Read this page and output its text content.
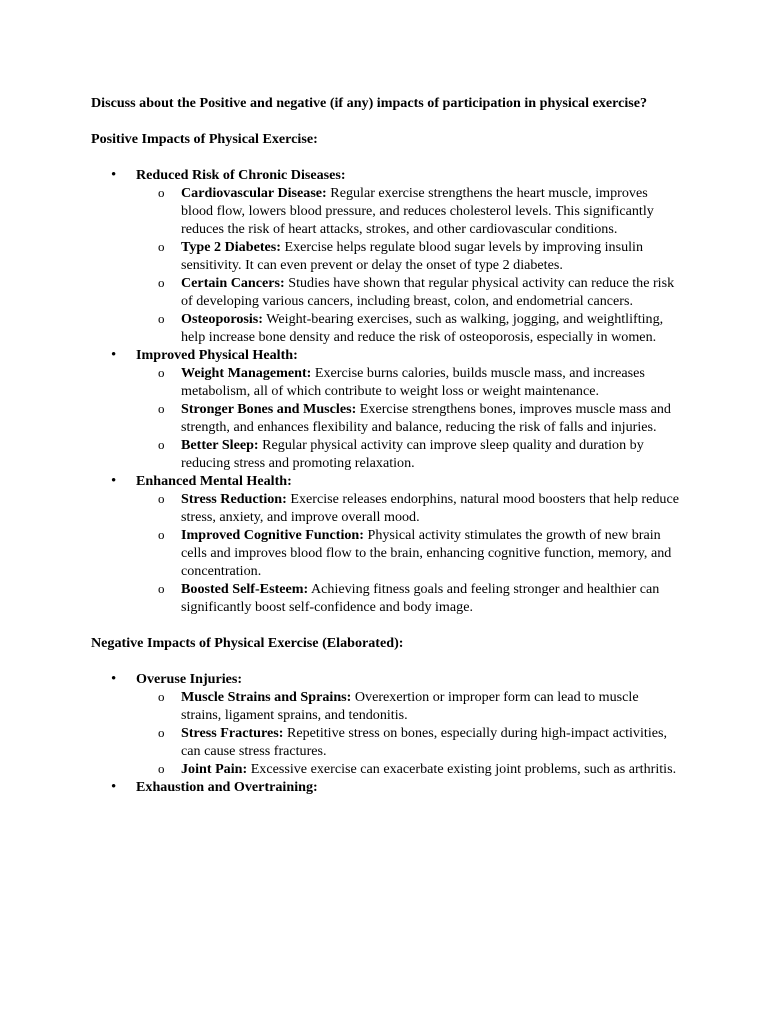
Discuss about the Positive and negative (if any) impacts of participation in physical exercise?
Positive Impacts of Physical Exercise:
• Reduced Risk of Chronic Diseases:
o Cardiovascular Disease: Regular exercise strengthens the heart muscle, improves blood flow, lowers blood pressure, and reduces cholesterol levels. This significantly reduces the risk of heart attacks, strokes, and other cardiovascular conditions.
o Type 2 Diabetes: Exercise helps regulate blood sugar levels by improving insulin sensitivity. It can even prevent or delay the onset of type 2 diabetes.
o Certain Cancers: Studies have shown that regular physical activity can reduce the risk of developing various cancers, including breast, colon, and endometrial cancers.
o Osteoporosis: Weight-bearing exercises, such as walking, jogging, and weightlifting, help increase bone density and reduce the risk of osteoporosis, especially in women.
• Improved Physical Health:
o Weight Management: Exercise burns calories, builds muscle mass, and increases metabolism, all of which contribute to weight loss or weight maintenance.
o Stronger Bones and Muscles: Exercise strengthens bones, improves muscle mass and strength, and enhances flexibility and balance, reducing the risk of falls and injuries.
o Better Sleep: Regular physical activity can improve sleep quality and duration by reducing stress and promoting relaxation.
• Enhanced Mental Health:
o Stress Reduction: Exercise releases endorphins, natural mood boosters that help reduce stress, anxiety, and improve overall mood.
o Improved Cognitive Function: Physical activity stimulates the growth of new brain cells and improves blood flow to the brain, enhancing cognitive function, memory, and concentration.
o Boosted Self-Esteem: Achieving fitness goals and feeling stronger and healthier can significantly boost self-confidence and body image.
Negative Impacts of Physical Exercise (Elaborated):
• Overuse Injuries:
o Muscle Strains and Sprains: Overexertion or improper form can lead to muscle strains, ligament sprains, and tendonitis.
o Stress Fractures: Repetitive stress on bones, especially during high-impact activities, can cause stress fractures.
o Joint Pain: Excessive exercise can exacerbate existing joint problems, such as arthritis.
• Exhaustion and Overtraining:
